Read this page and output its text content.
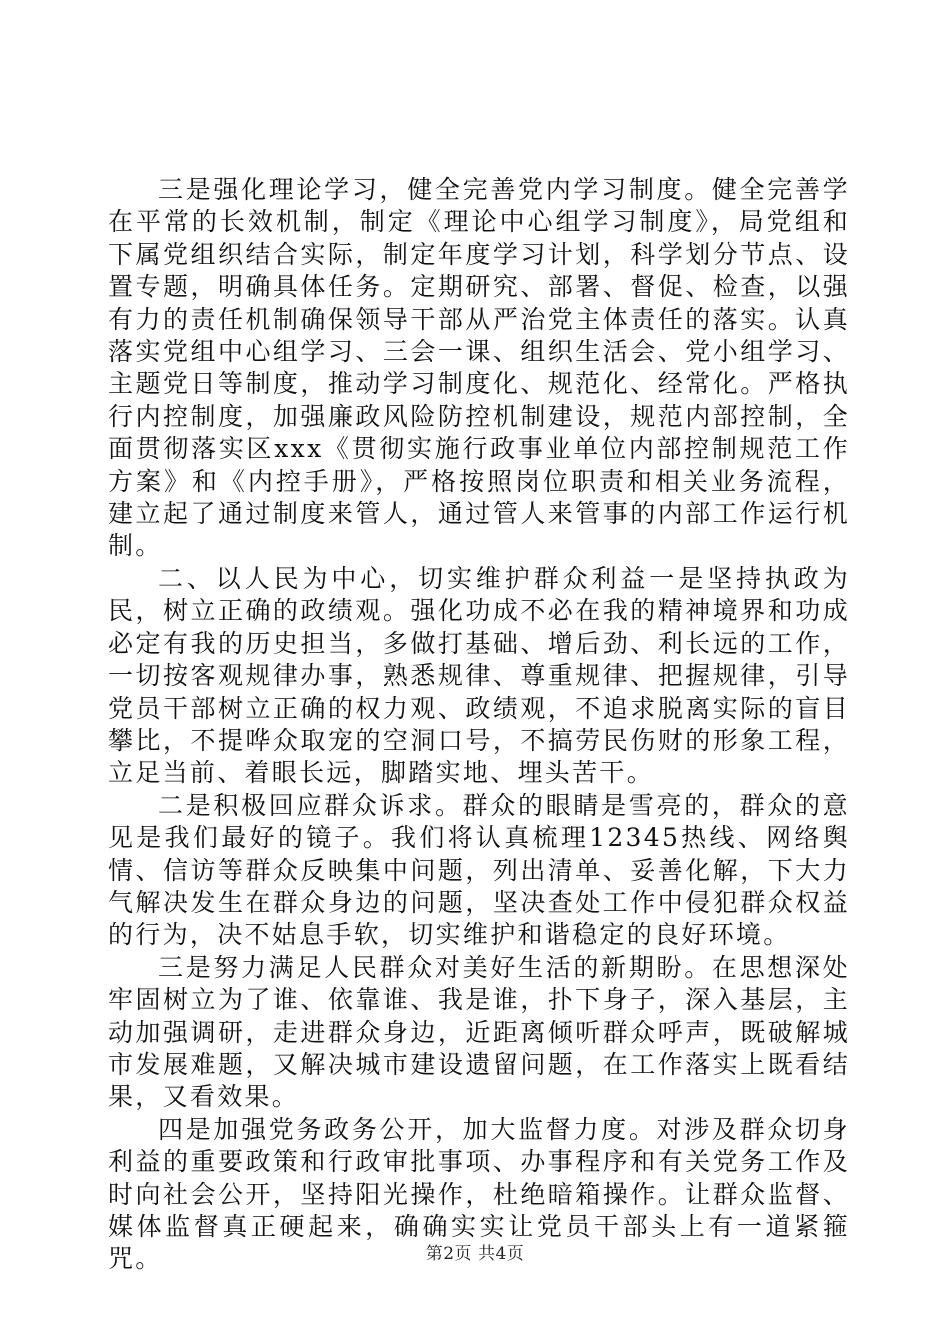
三是强化理论学习，健全完善党内学习制度。健全完善学在平常的长效机制，制定《理论中心组学习制度》，局党组和下属党组织结合实际，制定年度学习计划，科学划分节点、设置专题，明确具体任务。定期研究、部署、督促、检查，以强有力的责任机制确保领导干部从严治党主体责任的落实。认真落实党组中心组学习、三会一课、组织生活会、党小组学习、主题党日等制度，推动学习制度化、规范化、经常化。严格执行内控制度，加强廉政风险防控机制建设，规范内部控制，全面贯彻落实区xxx《贯彻实施行政事业单位内部控制规范工作方案》和《内控手册》，严格按照岗位职责和相关业务流程，建立起了通过制度来管人，通过管人来管事的内部工作运行机制。

二、以人民为中心，切实维护群众利益一是坚持执政为民，树立正确的政绩观。强化功成不必在我的精神境界和功成必定有我的历史担当，多做打基础、增后劲、利长远的工作，一切按客观规律办事，熟悉规律、尊重规律、把握规律，引导党员干部树立正确的权力观、政绩观，不追求脱离实际的盲目攀比，不提哗众取宠的空洞口号，不搞劳民伤财的形象工程，立足当前、着眼长远，脚踏实地、埋头苦干。

二是积极回应群众诉求。群众的眼睛是雪亮的，群众的意见是我们最好的镜子。我们将认真梳理12345热线、网络舆情、信访等群众反映集中问题，列出清单、妥善化解，下大力气解决发生在群众身边的问题，坚决查处工作中侵犯群众权益的行为，决不姑息手软，切实维护和谐稳定的良好环境。

三是努力满足人民群众对美好生活的新期盼。在思想深处牢固树立为了谁、依靠谁、我是谁，扑下身子，深入基层，主动加强调研，走进群众身边，近距离倾听群众呼声，既破解城市发展难题，又解决城市建设遗留问题，在工作落实上既看结果，又看效果。

四是加强党务政务公开，加大监督力度。对涉及群众切身利益的重要政策和行政审批事项、办事程序和有关党务工作及时向社会公开，坚持阳光操作，杜绝暗箱操作。让群众监督、媒体监督真正硬起来，确确实实让党员干部头上有一道紧箍咒。	第2页 共4页
